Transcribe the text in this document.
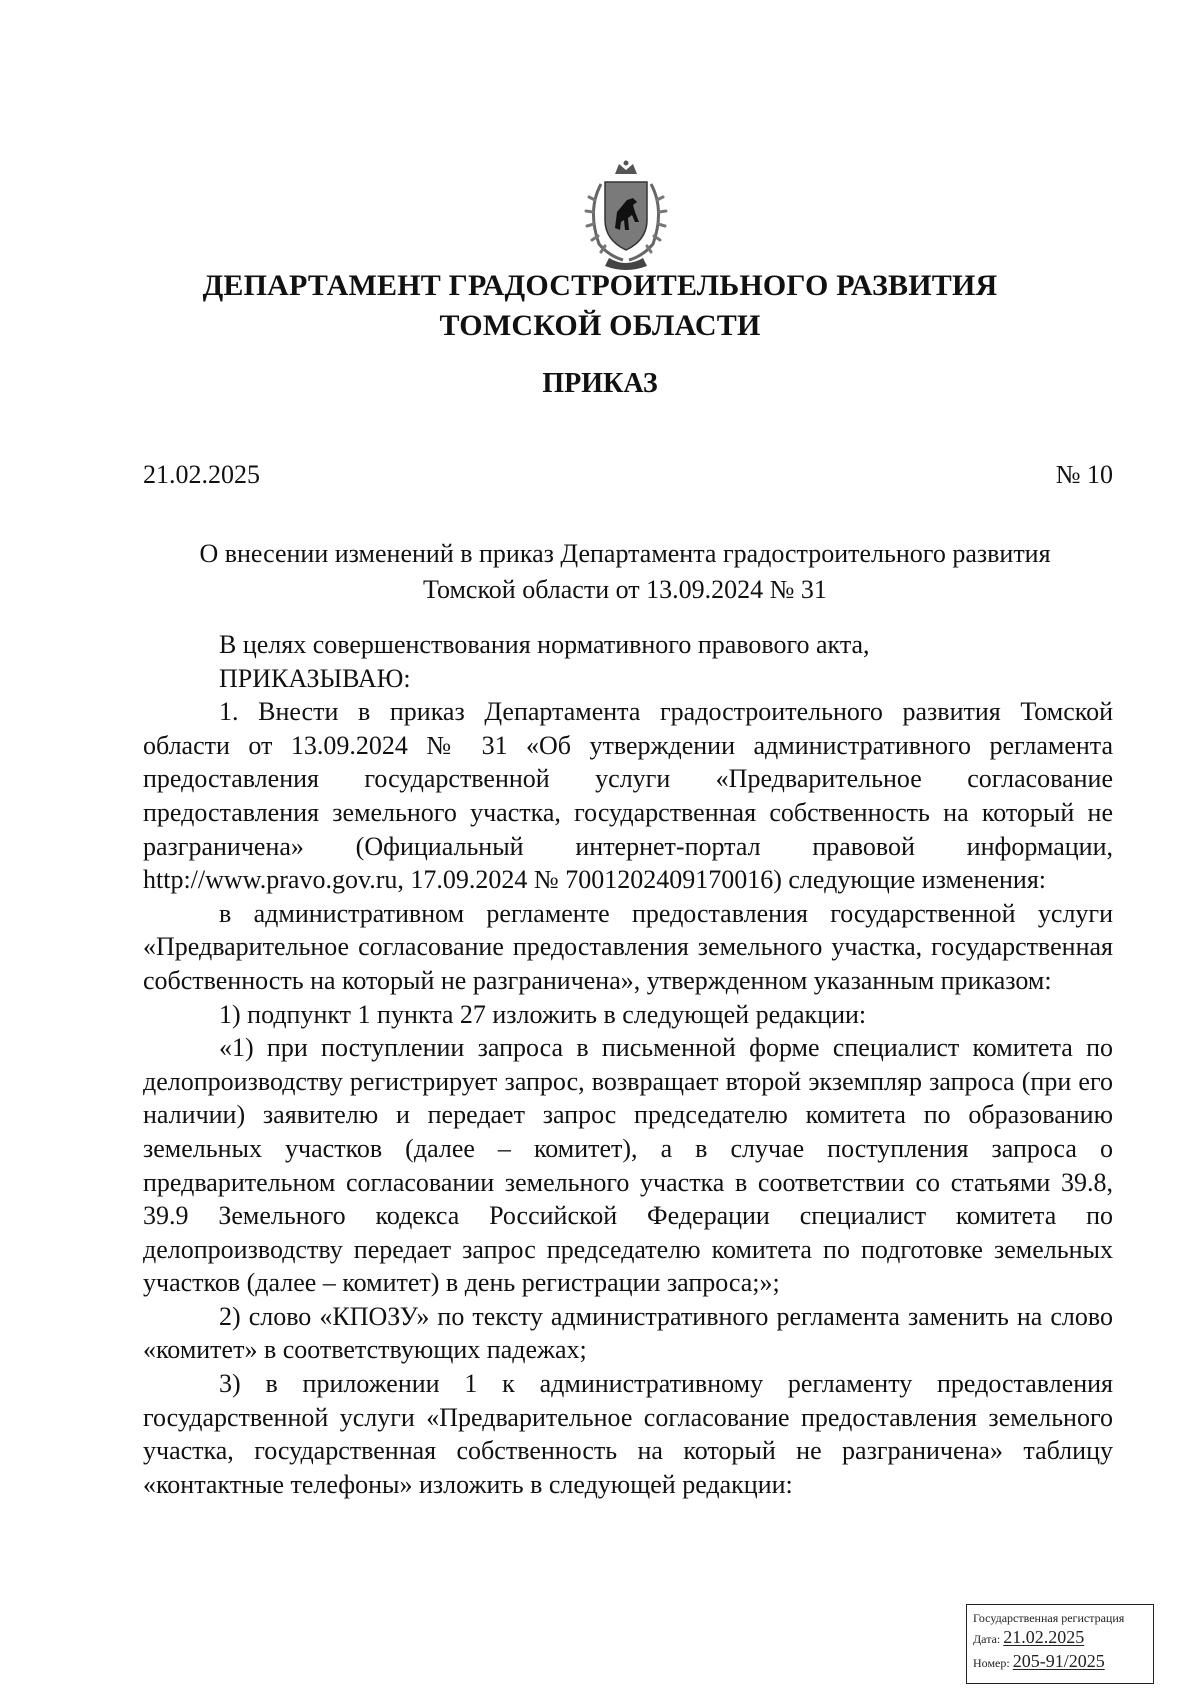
ДЕПАРТАМЕНТ ГРАДОСТРОИТЕЛЬНОГО РАЗВИТИЯ
ТОМСКОЙ ОБЛАСТИ
ПРИКАЗ
21.02.2025	№ 10
О внесении изменений в приказ Департамента градостроительного развития
Томской области от 13.09.2024 № 31

В целях совершенствования нормативного правового акта,

ПРИКАЗЫВАЮ:

1. Внести в приказ Департамента градостроительного развития Томской области от 13.09.2024 № 31 «Об утверждении административного регламента предоставления государственной услуги «Предварительное согласование предоставления земельного участка, государственная собственность на который не разграничена» (Официальный интернет-портал правовой информации, http://www.pravo.gov.ru, 17.09.2024 № 7001202409170016) следующие изменения:

в административном регламенте предоставления государственной услуги «Предварительное согласование предоставления земельного участка, государственная собственность на который не разграничена», утвержденном указанным приказом:

1) подпункт 1 пункта 27 изложить в следующей редакции:

«1) при поступлении запроса в письменной форме специалист комитета по делопроизводству регистрирует запрос, возвращает второй экземпляр запроса (при его наличии) заявителю и передает запрос председателю комитета по образованию земельных участков (далее – комитет), а в случае поступления запроса о предварительном согласовании земельного участка в соответствии со статьями 39.8, 39.9 Земельного кодекса Российской Федерации специалист комитета по делопроизводству передает запрос председателю комитета по подготовке земельных участков (далее – комитет) в день регистрации запроса;»;

2) слово «КПОЗУ» по тексту административного регламента заменить на слово «комитет» в соответствующих падежах;

3) в приложении 1 к административному регламенту предоставления государственной услуги «Предварительное согласование предоставления земельного участка, государственная собственность на который не разграничена» таблицу «контактные телефоны» изложить в следующей редакции:

Государственная регистрация
Дата: 21.02.2025
Номер: 205-91/2025
